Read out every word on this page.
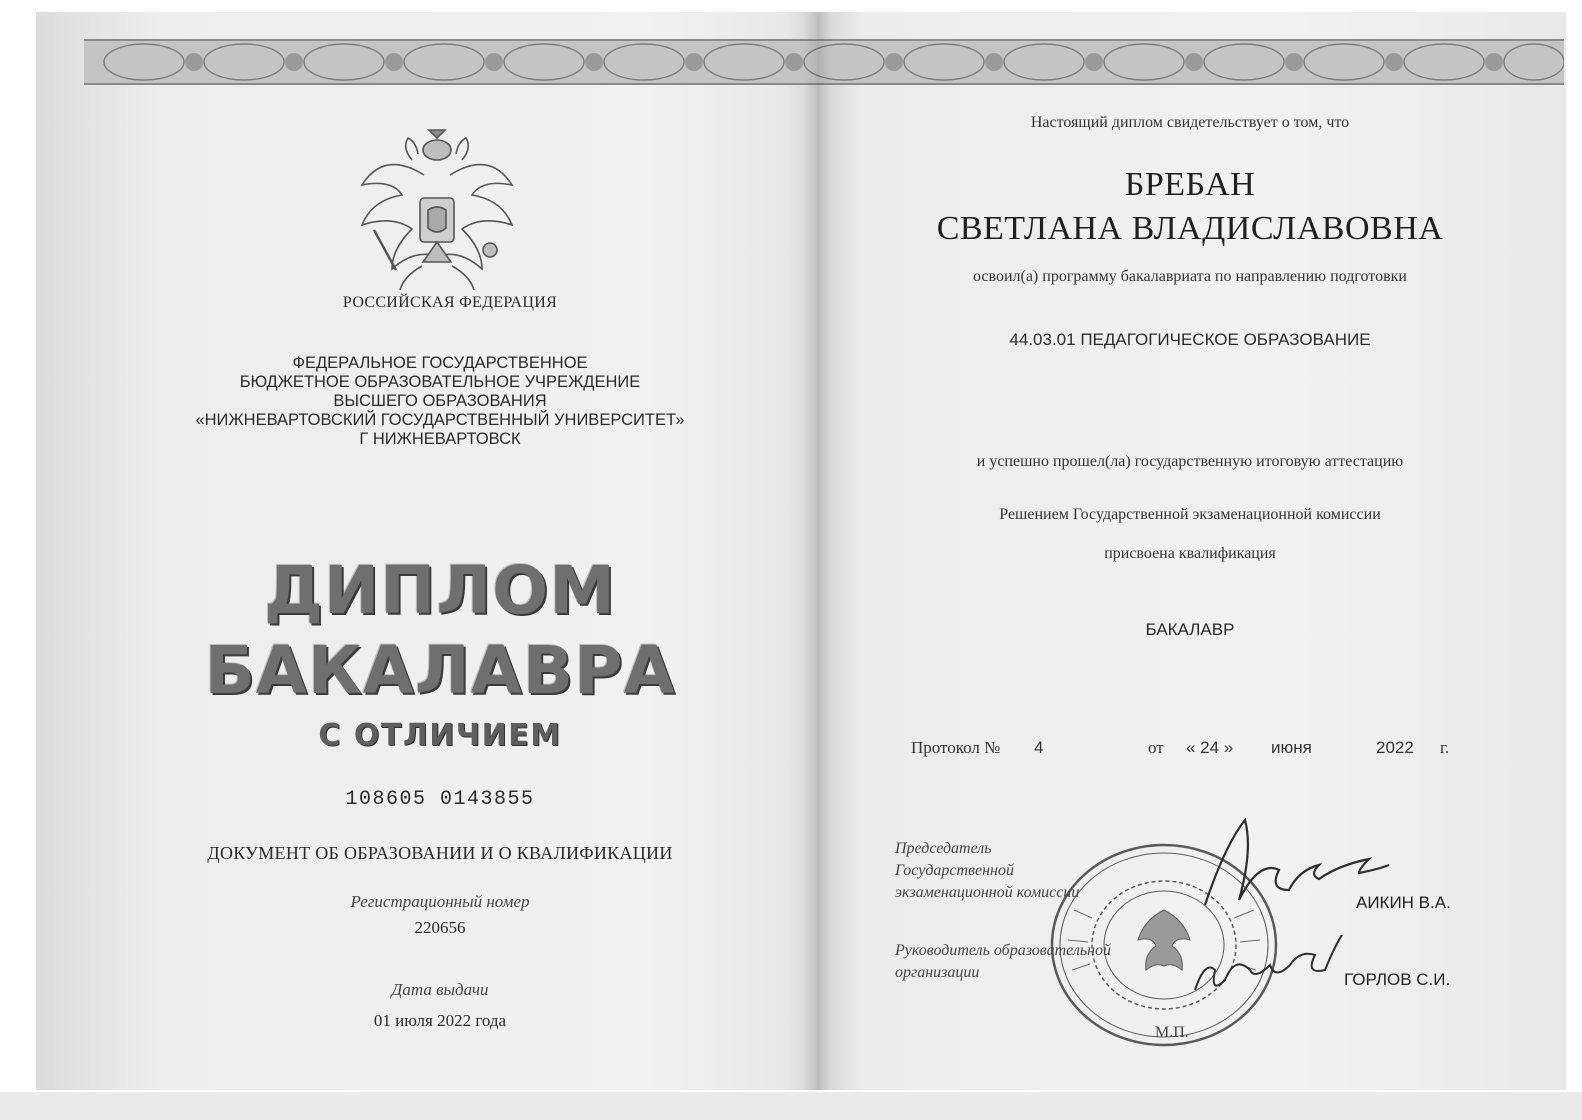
РОССИЙСКАЯ ФЕДЕРАЦИЯ
ФЕДЕРАЛЬНОЕ ГОСУДАРСТВЕННОЕ
БЮДЖЕТНОЕ ОБРАЗОВАТЕЛЬНОЕ УЧРЕЖДЕНИЕ
ВЫСШЕГО ОБРАЗОВАНИЯ
«НИЖНЕВАРТОВСКИЙ ГОСУДАРСТВЕННЫЙ УНИВЕРСИТЕТ»
Г НИЖНЕВАРТОВСК
ДИПЛОМ
БАКАЛАВРА
С ОТЛИЧИЕМ
108605 0143855
ДОКУМЕНТ ОБ ОБРАЗОВАНИИ И О КВАЛИФИКАЦИИ
Регистрационный номер
220656
Дата выдачи
01 июля 2022 года
Настоящий диплом свидетельствует о том, что
БРЕБАН
СВЕТЛАНА ВЛАДИСЛАВОВНА
освоил(а) программу бакалавриата по направлению подготовки
44.03.01 ПЕДАГОГИЧЕСКОЕ ОБРАЗОВАНИЕ
и успешно прошел(ла) государственную итоговую аттестацию
Решением Государственной экзаменационной комиссии
присвоена квалификация
БАКАЛАВР
Протокол № 4	от « 24 » июня	2022 г.
Председатель
Государственной
экзаменационной комиссии
АИКИН В.А.
Руководитель образовательной
организации	ГОРЛОВ С.И.
М.П.
